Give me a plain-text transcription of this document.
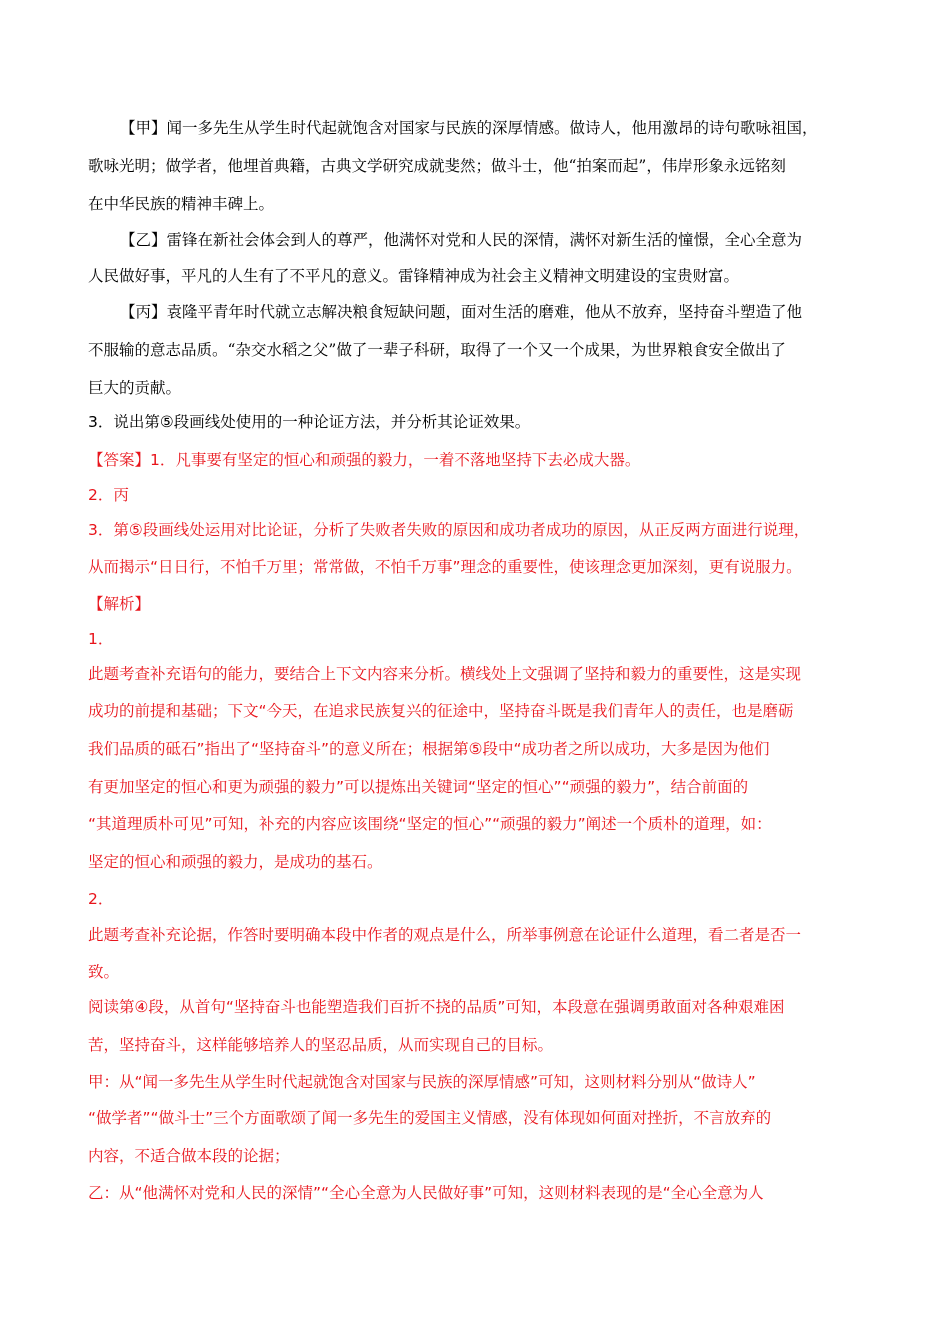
【甲】闻一多先生从学生时代起就饱含对国家与民族的深厚情感。做诗人，他用激昂的诗句歌咏祖国，
歌咏光明；做学者，他埋首典籍，古典文学研究成就斐然；做斗士，他“拍案而起”，伟岸形象永远铭刻
在中华民族的精神丰碑上。
【乙】雷锋在新社会体会到人的尊严，他满怀对党和人民的深情，满怀对新生活的憧憬，全心全意为
人民做好事，平凡的人生有了不平凡的意义。雷锋精神成为社会主义精神文明建设的宝贵财富。
【丙】袁隆平青年时代就立志解决粮食短缺问题，面对生活的磨难，他从不放弃，坚持奋斗塑造了他
不服输的意志品质。“杂交水稻之父”做了一辈子科研，取得了一个又一个成果，为世界粮食安全做出了
巨大的贡献。
3．说出第⑤段画线处使用的一种论证方法，并分析其论证效果。
【答案】1．凡事要有坚定的恒心和顽强的毅力，一着不落地坚持下去必成大器。
2．丙
3．第⑤段画线处运用对比论证，分析了失败者失败的原因和成功者成功的原因，从正反两方面进行说理，
从而揭示“日日行，不怕千万里；常常做，不怕千万事”理念的重要性，使该理念更加深刻，更有说服力。
【解析】
1．
此题考查补充语句的能力，要结合上下文内容来分析。横线处上文强调了坚持和毅力的重要性，这是实现
成功的前提和基础；下文“今天，在追求民族复兴的征途中，坚持奋斗既是我们青年人的责任，也是磨砺
我们品质的砥石”指出了“坚持奋斗”的意义所在；根据第⑤段中“成功者之所以成功，大多是因为他们
有更加坚定的恒心和更为顽强的毅力”可以提炼出关键词“坚定的恒心”“顽强的毅力”，结合前面的
“其道理质朴可见”可知，补充的内容应该围绕“坚定的恒心”“顽强的毅力”阐述一个质朴的道理，如：
坚定的恒心和顽强的毅力，是成功的基石。
2．
此题考查补充论据，作答时要明确本段中作者的观点是什么，所举事例意在论证什么道理，看二者是否一
致。
阅读第④段，从首句“坚持奋斗也能塑造我们百折不挠的品质”可知，本段意在强调勇敢面对各种艰难困
苦，坚持奋斗，这样能够培养人的坚忍品质，从而实现自己的目标。
甲：从“闻一多先生从学生时代起就饱含对国家与民族的深厚情感”可知，这则材料分别从“做诗人”
“做学者”“做斗士”三个方面歌颂了闻一多先生的爱国主义情感，没有体现如何面对挫折，不言放弃的
内容，不适合做本段的论据；
乙：从“他满怀对党和人民的深情”“全心全意为人民做好事”可知，这则材料表现的是“全心全意为人
